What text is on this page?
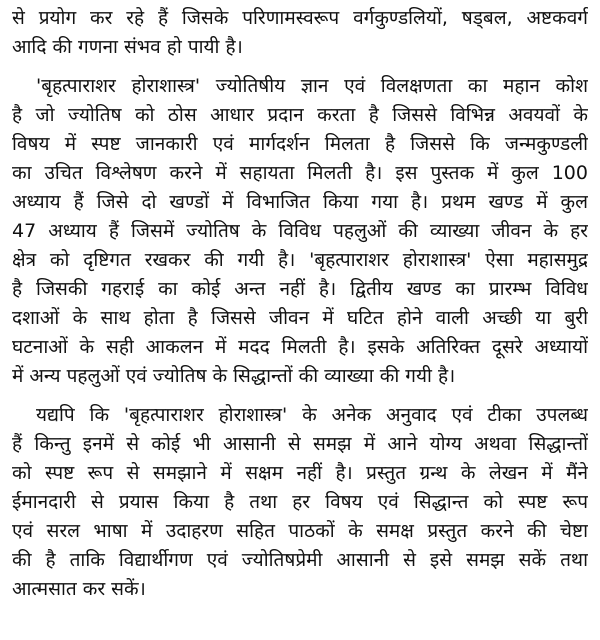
से प्रयोग कर रहे हैं जिसके परिणामस्वरूप वर्गकुण्डलियों, षड्बल, अष्टकवर्ग
आदि की गणना संभव हो पायी है।
'बृहत्पाराशर होराशास्त्र' ज्योतिषीय ज्ञान एवं विलक्षणता का महान कोश
है जो ज्योतिष को ठोस आधार प्रदान करता है जिससे विभिन्न अवयवों के
विषय में स्पष्ट जानकारी एवं मार्गदर्शन मिलता है जिससे कि जन्मकुण्डली
का उचित विश्लेषण करने में सहायता मिलती है। इस पुस्तक में कुल 100
अध्याय हैं जिसे दो खण्डों में विभाजित किया गया है। प्रथम खण्ड में कुल
47 अध्याय हैं जिसमें ज्योतिष के विविध पहलुओं की व्याख्या जीवन के हर
क्षेत्र को दृष्टिगत रखकर की गयी है। 'बृहत्पाराशर होराशास्त्र' ऐसा महासमुद्र
है जिसकी गहराई का कोई अन्त नहीं है। द्वितीय खण्ड का प्रारम्भ विविध
दशाओं के साथ होता है जिससे जीवन में घटित होने वाली अच्छी या बुरी
घटनाओं के सही आकलन में मदद मिलती है। इसके अतिरिक्त दूसरे अध्यायों
में अन्य पहलुओं एवं ज्योतिष के सिद्धान्तों की व्याख्या की गयी है।
यद्यपि कि 'बृहत्पाराशर होराशास्त्र' के अनेक अनुवाद एवं टीका उपलब्ध
हैं किन्तु इनमें से कोई भी आसानी से समझ में आने योग्य अथवा सिद्धान्तों
को स्पष्ट रूप से समझाने में सक्षम नहीं है। प्रस्तुत ग्रन्थ के लेखन में मैंने
ईमानदारी से प्रयास किया है तथा हर विषय एवं सिद्धान्त को स्पष्ट रूप
एवं सरल भाषा में उदाहरण सहित पाठकों के समक्ष प्रस्तुत करने की चेष्टा
की है ताकि विद्यार्थीगण एवं ज्योतिषप्रेमी आसानी से इसे समझ सकें तथा
आत्मसात कर सकें।
